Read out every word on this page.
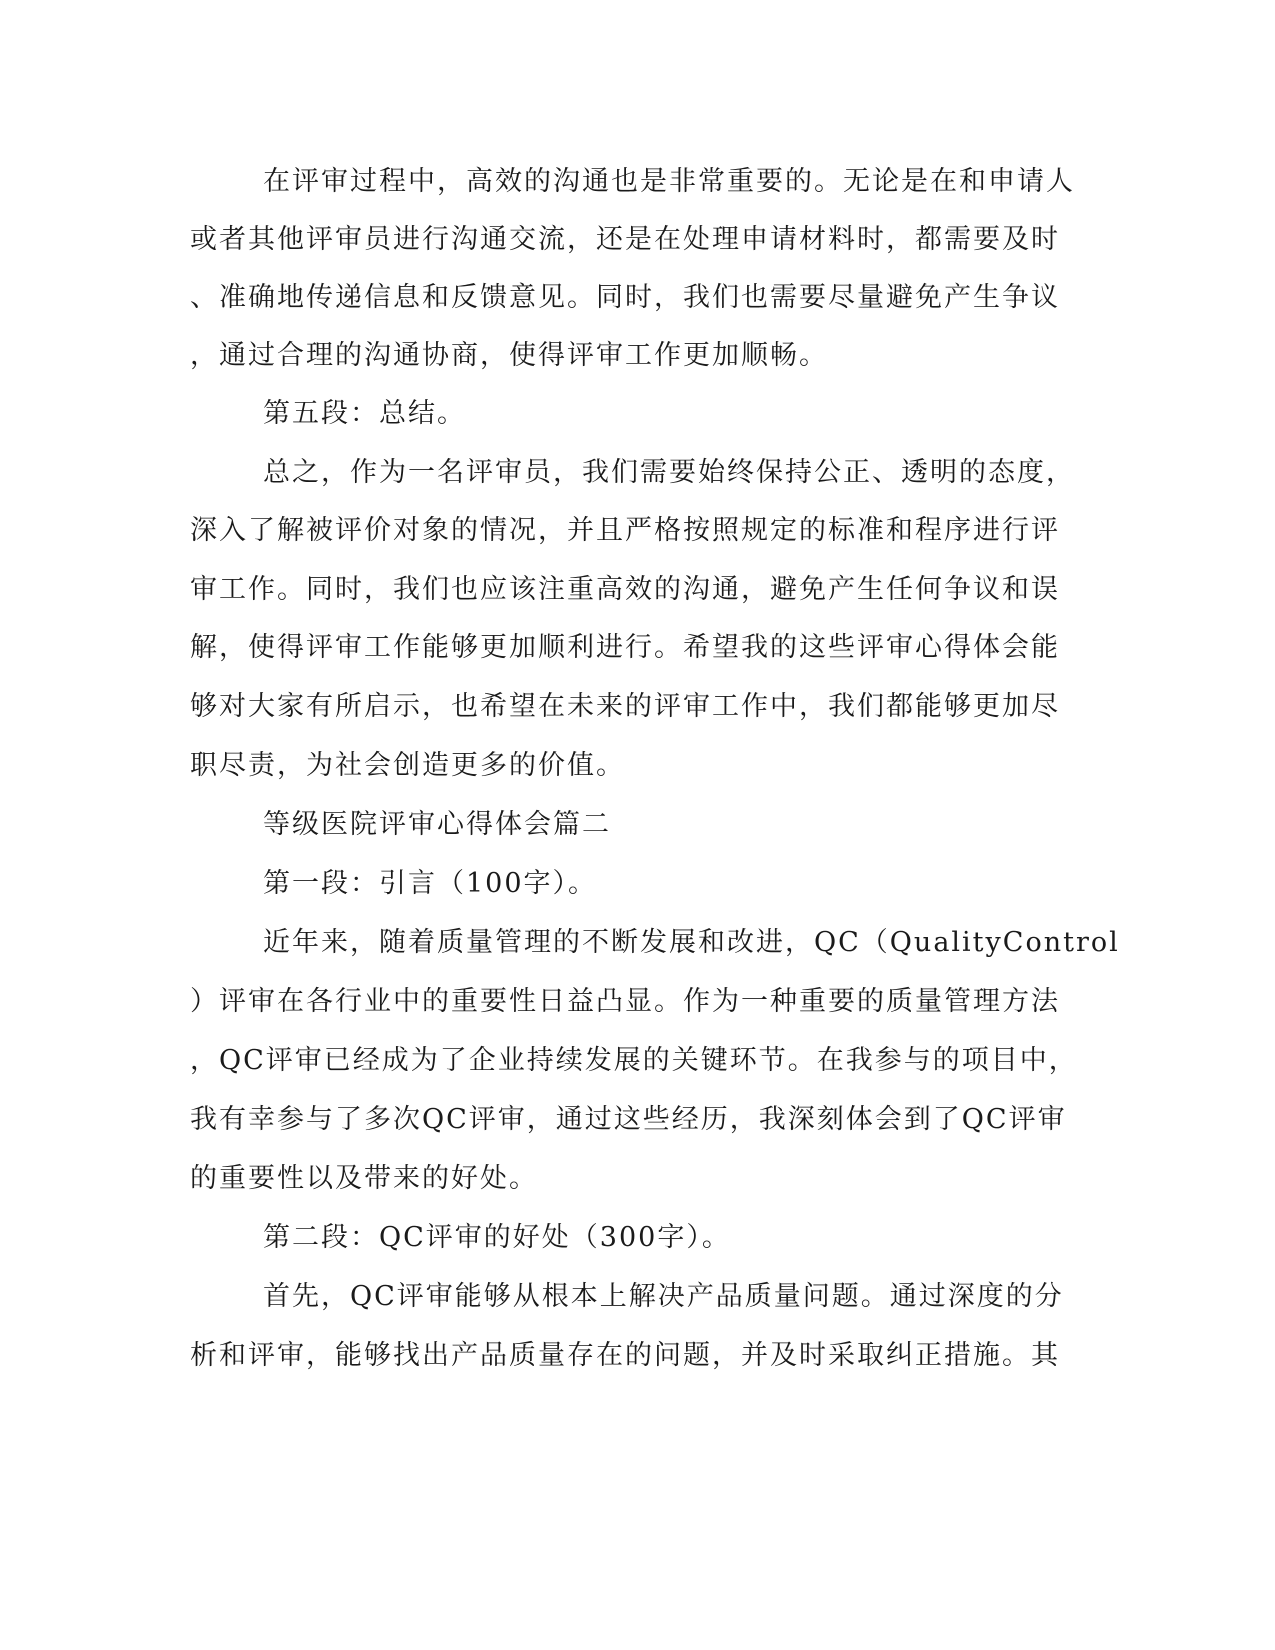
在评审过程中，高效的沟通也是非常重要的。无论是在和申请人
或者其他评审员进行沟通交流，还是在处理申请材料时，都需要及时
、准确地传递信息和反馈意见。同时，我们也需要尽量避免产生争议
，通过合理的沟通协商，使得评审工作更加顺畅。
第五段：总结。
总之，作为一名评审员，我们需要始终保持公正、透明的态度，
深入了解被评价对象的情况，并且严格按照规定的标准和程序进行评
审工作。同时，我们也应该注重高效的沟通，避免产生任何争议和误
解，使得评审工作能够更加顺利进行。希望我的这些评审心得体会能
够对大家有所启示，也希望在未来的评审工作中，我们都能够更加尽
职尽责，为社会创造更多的价值。
等级医院评审心得体会篇二
第一段：引言（100字）。
近年来，随着质量管理的不断发展和改进，QC（QualityControl
）评审在各行业中的重要性日益凸显。作为一种重要的质量管理方法
，QC评审已经成为了企业持续发展的关键环节。在我参与的项目中，
我有幸参与了多次QC评审，通过这些经历，我深刻体会到了QC评审
的重要性以及带来的好处。
第二段：QC评审的好处（300字）。
首先，QC评审能够从根本上解决产品质量问题。通过深度的分
析和评审，能够找出产品质量存在的问题，并及时采取纠正措施。其
